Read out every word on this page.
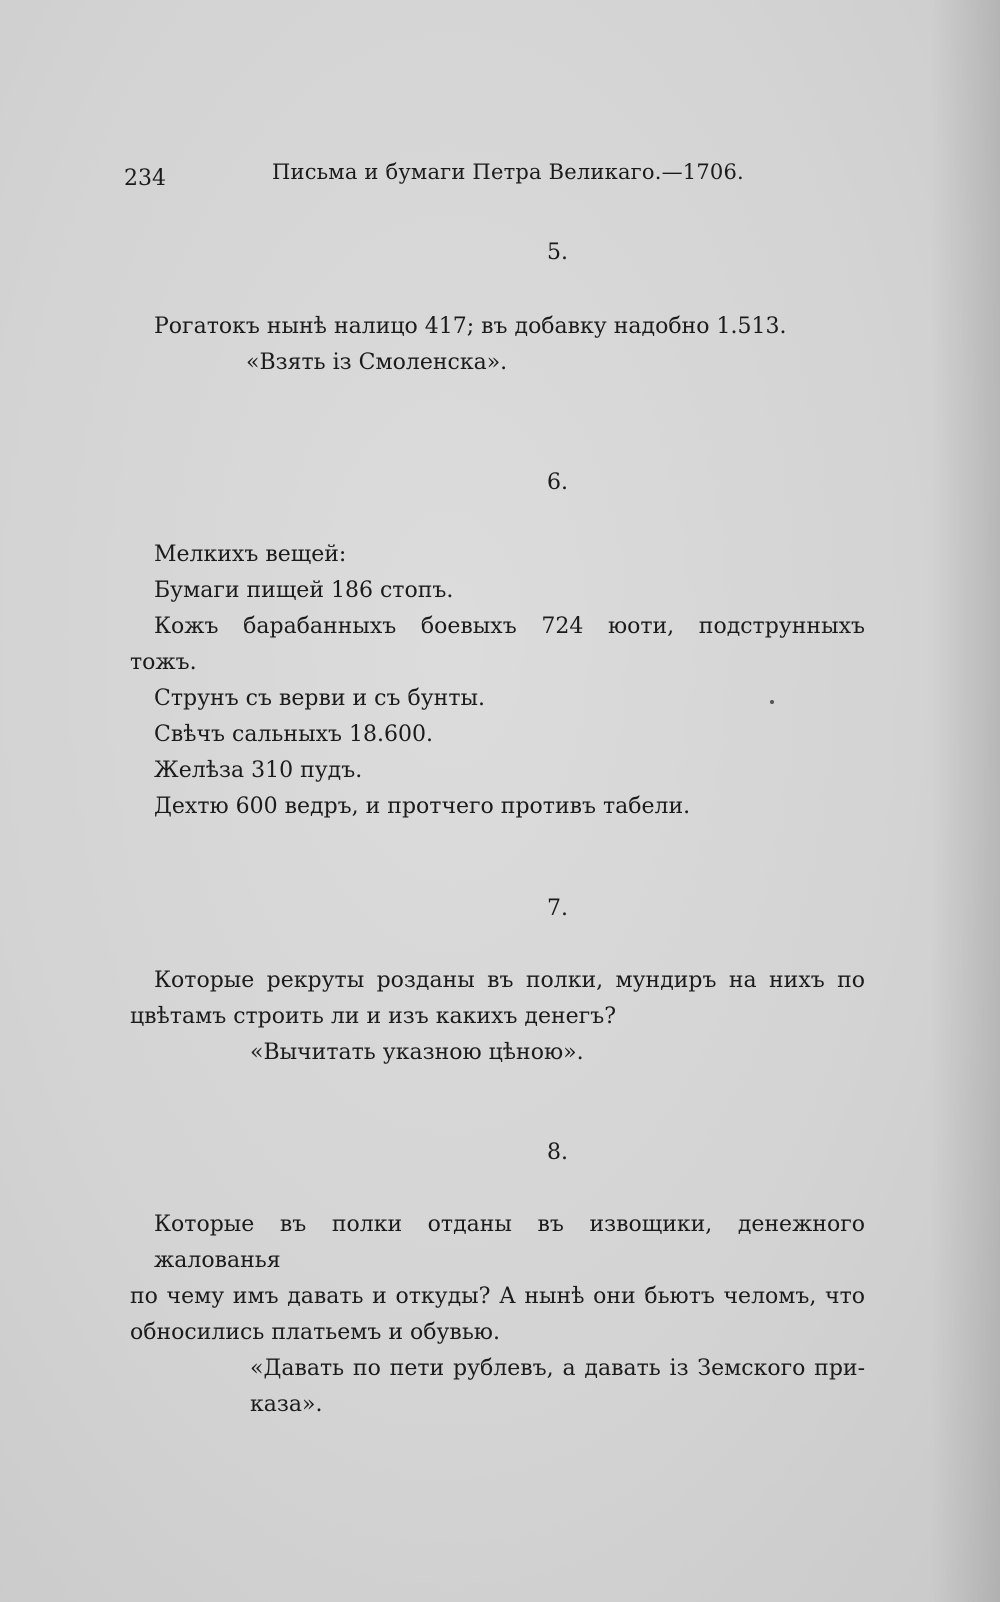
234	Письма и бумаги Петра Великаго.—1706.
5.
Рогатокъ нынѣ налицо 417; въ добавку надобно 1.513.
«Взять із Смоленска».
6.
Мелкихъ вещей:
Бумаги пищей 186 стопъ.
Кожъ барабанныхъ боевыхъ 724 юоти, подструнныхъ
тожъ.
Струнъ съ верви и съ бунты.
Свѣчъ сальныхъ 18.600.
Желѣза 310 пудъ.
Дехтю 600 ведръ, и протчего противъ табели.
7.
Которые рекруты розданы въ полки, мундиръ на нихъ по
цвѣтамъ строить ли и изъ какихъ денегъ?
«Вычитать указною цѣною».
8.
Которые въ полки отданы въ извощики, денежного жалованья
по чему имъ давать и откуды? А нынѣ они бьютъ челомъ, что
обносились платьемъ и обувью.
«Давать по пети рублевъ, а давать із Земского при-
каза».
